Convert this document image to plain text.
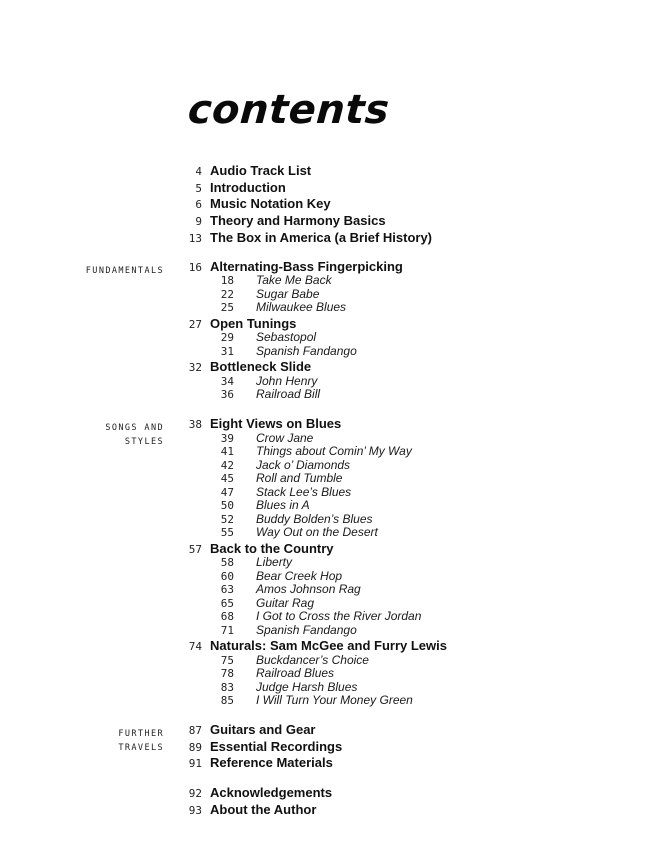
contents
FUNDAMENTALS
SONGS AND
STYLES
FURTHER
TRAVELS
4 Audio Track List
5 Introduction
6 Music Notation Key
9 Theory and Harmony Basics
13 The Box in America (a Brief History)
16 Alternating-Bass Fingerpicking
18 Take Me Back
22 Sugar Babe
25 Milwaukee Blues
27 Open Tunings
29 Sebastopol
31 Spanish Fandango
32 Bottleneck Slide
34 John Henry
36 Railroad Bill
38 Eight Views on Blues
39 Crow Jane
41 Things about Comin’ My Way
42 Jack o’ Diamonds
45 Roll and Tumble
47 Stack Lee’s Blues
50 Blues in A
52 Buddy Bolden’s Blues
55 Way Out on the Desert
57 Back to the Country
58 Liberty
60 Bear Creek Hop
63 Amos Johnson Rag
65 Guitar Rag
68 I Got to Cross the River Jordan
71 Spanish Fandango
74 Naturals: Sam McGee and Furry Lewis
75 Buckdancer’s Choice
78 Railroad Blues
83 Judge Harsh Blues
85 I Will Turn Your Money Green
87 Guitars and Gear
89 Essential Recordings
91 Reference Materials
92 Acknowledgements
93 About the Author
